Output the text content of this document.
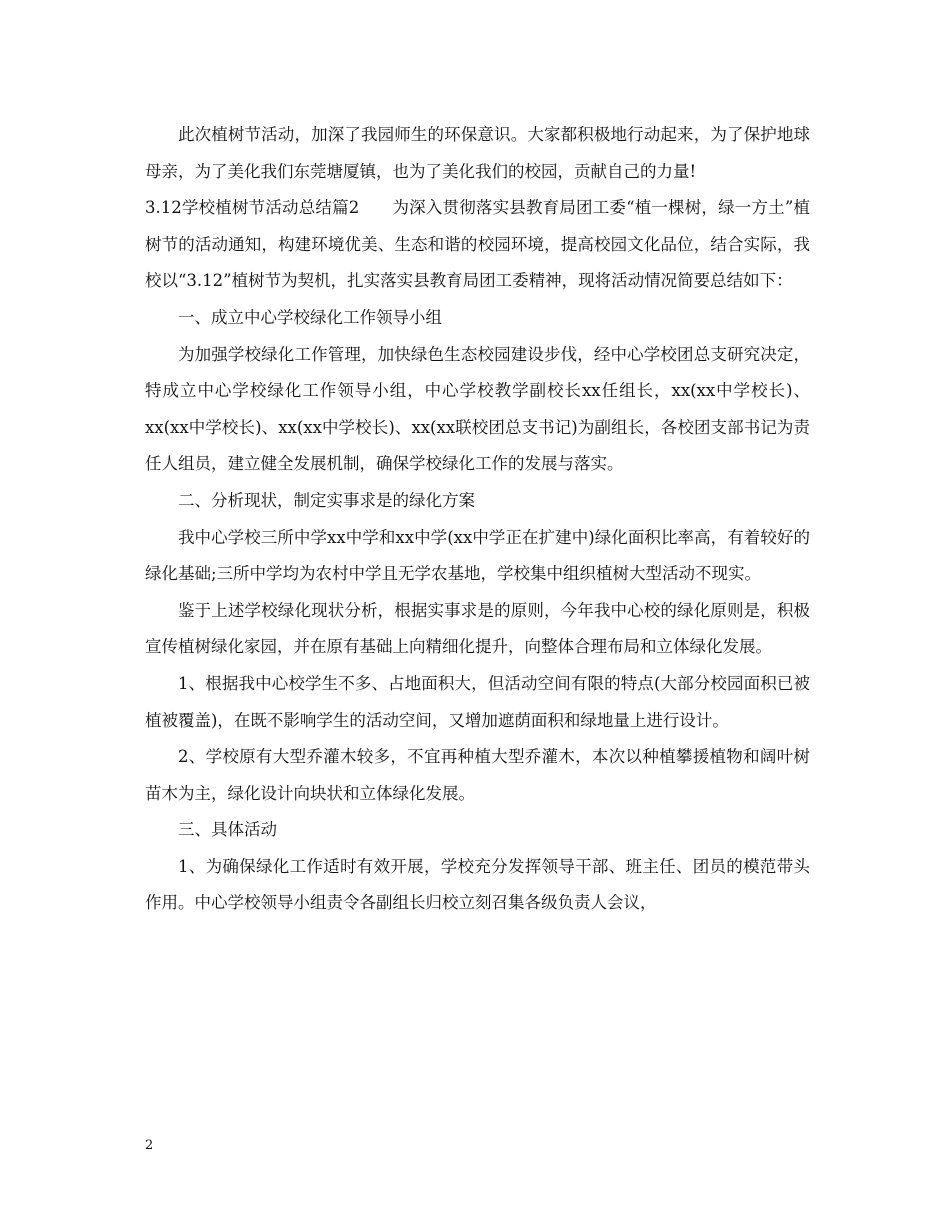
此次植树节活动，加深了我园师生的环保意识。大家都积极地行动起来，为了保护地球母亲，为了美化我们东莞塘厦镇，也为了美化我们的校园，贡献自己的力量!

3.12学校植树节活动总结篇2 为深入贯彻落实县教育局团工委“植一棵树，绿一方土”植树节的活动通知，构建环境优美、生态和谐的校园环境，提高校园文化品位，结合实际，我校以“3.12”植树节为契机，扎实落实县教育局团工委精神，现将活动情况简要总结如下：

一、成立中心学校绿化工作领导小组

为加强学校绿化工作管理，加快绿色生态校园建设步伐，经中心学校团总支研究决定，特成立中心学校绿化工作领导小组，中心学校教学副校长xx任组长，xx(xx中学校长)、xx(xx中学校长)、xx(xx中学校长)、xx(xx联校团总支书记)为副组长，各校团支部书记为责任人组员，建立健全发展机制，确保学校绿化工作的发展与落实。

二、分析现状，制定实事求是的绿化方案

我中心学校三所中学xx中学和xx中学(xx中学正在扩建中)绿化面积比率高，有着较好的绿化基础;三所中学均为农村中学且无学农基地，学校集中组织植树大型活动不现实。

鉴于上述学校绿化现状分析，根据实事求是的原则，今年我中心校的绿化原则是，积极宣传植树绿化家园，并在原有基础上向精细化提升，向整体合理布局和立体绿化发展。

1、根据我中心校学生不多、占地面积大，但活动空间有限的特点(大部分校园面积已被植被覆盖)，在既不影响学生的活动空间，又增加遮荫面积和绿地量上进行设计。

2、学校原有大型乔灌木较多，不宜再种植大型乔灌木，本次以种植攀援植物和阔叶树苗木为主，绿化设计向块状和立体绿化发展。

三、具体活动

1、为确保绿化工作适时有效开展，学校充分发挥领导干部、班主任、团员的模范带头作用。中心学校领导小组责令各副组长归校立刻召集各级负责人会议，

2
